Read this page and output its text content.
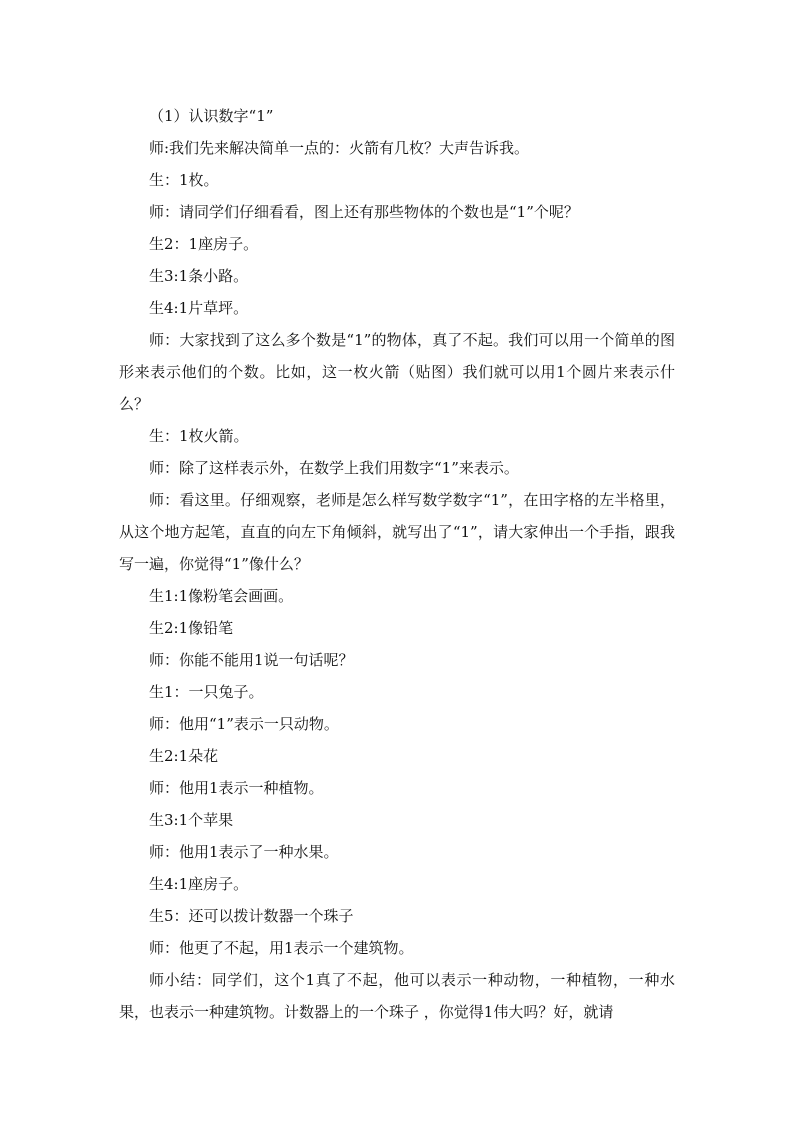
（1）认识数字“1”

师:我们先来解决简单一点的：火箭有几枚？大声告诉我。

生：1枚。

师：请同学们仔细看看，图上还有那些物体的个数也是“1”个呢？

生2：1座房子。

生3:1条小路。

生4:1片草坪。

师：大家找到了这么多个数是“1”的物体，真了不起。我们可以用一个简单的图形来表示他们的个数。比如，这一枚火箭（贴图）我们就可以用1个圆片来表示什么？

生：1枚火箭。

师：除了这样表示外，在数学上我们用数字“1”来表示。

师：看这里。仔细观察，老师是怎么样写数学数字“1”，在田字格的左半格里，从这个地方起笔，直直的向左下角倾斜，就写出了“1”，请大家伸出一个手指，跟我写一遍，你觉得“1”像什么？

生1:1像粉笔会画画。

生2:1像铅笔

师：你能不能用1说一句话呢？

生1：一只兔子。

师：他用“1”表示一只动物。

生2:1朵花

师：他用1表示一种植物。

生3:1个苹果

师：他用1表示了一种水果。

生4:1座房子。

生5：还可以拨计数器一个珠子

师：他更了不起，用1表示一个建筑物。

师小结：同学们，这个1真了不起，他可以表示一种动物，一种植物，一种水果，也表示一种建筑物。计数器上的一个珠子 ，你觉得1伟大吗？好，就请
